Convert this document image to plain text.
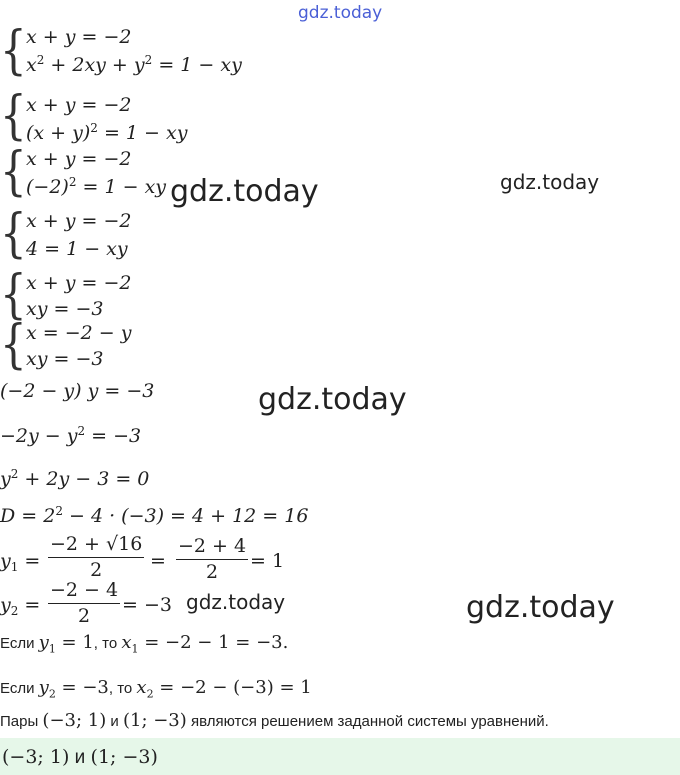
gdz.today
{ x + y = −2
$x^2 + 2xy + y^2 = 1$ − xy
{ x + y = −2
$(x + y)^2 = 1$ − xy
{ x + y = −2
$(-2)^2 = 1$ − xy gdz.today	gdz.today
{ x + y = −2
4 = 1 − xy
{ x + y = −2
xy = −3
{ x = −2 − y
xy = −3
(−2 − y) y = −3	gdz.today
$-2y - y^2 = -3$
$y^2 + 2y - 3 = 0$
$D = 2^2 - 4 \cdot (-3) = 4 + 12 = 16$
$y_1$ =
−2 + √16
2	=
−2 + 4
2	= 1
$y_2$ =
−2 − 4
2	= −3 gdz.today	gdz.today
Если $y_1 = 1$, то $x_1 = -2 - 1 = -3$.
Если $y_2 = -3$, то $x_2 = -2 - (-3) = 1$
Пары (−3; 1) и (1; −3) являются решением заданной системы уравнений.
(−3; 1) и (1; −3)
